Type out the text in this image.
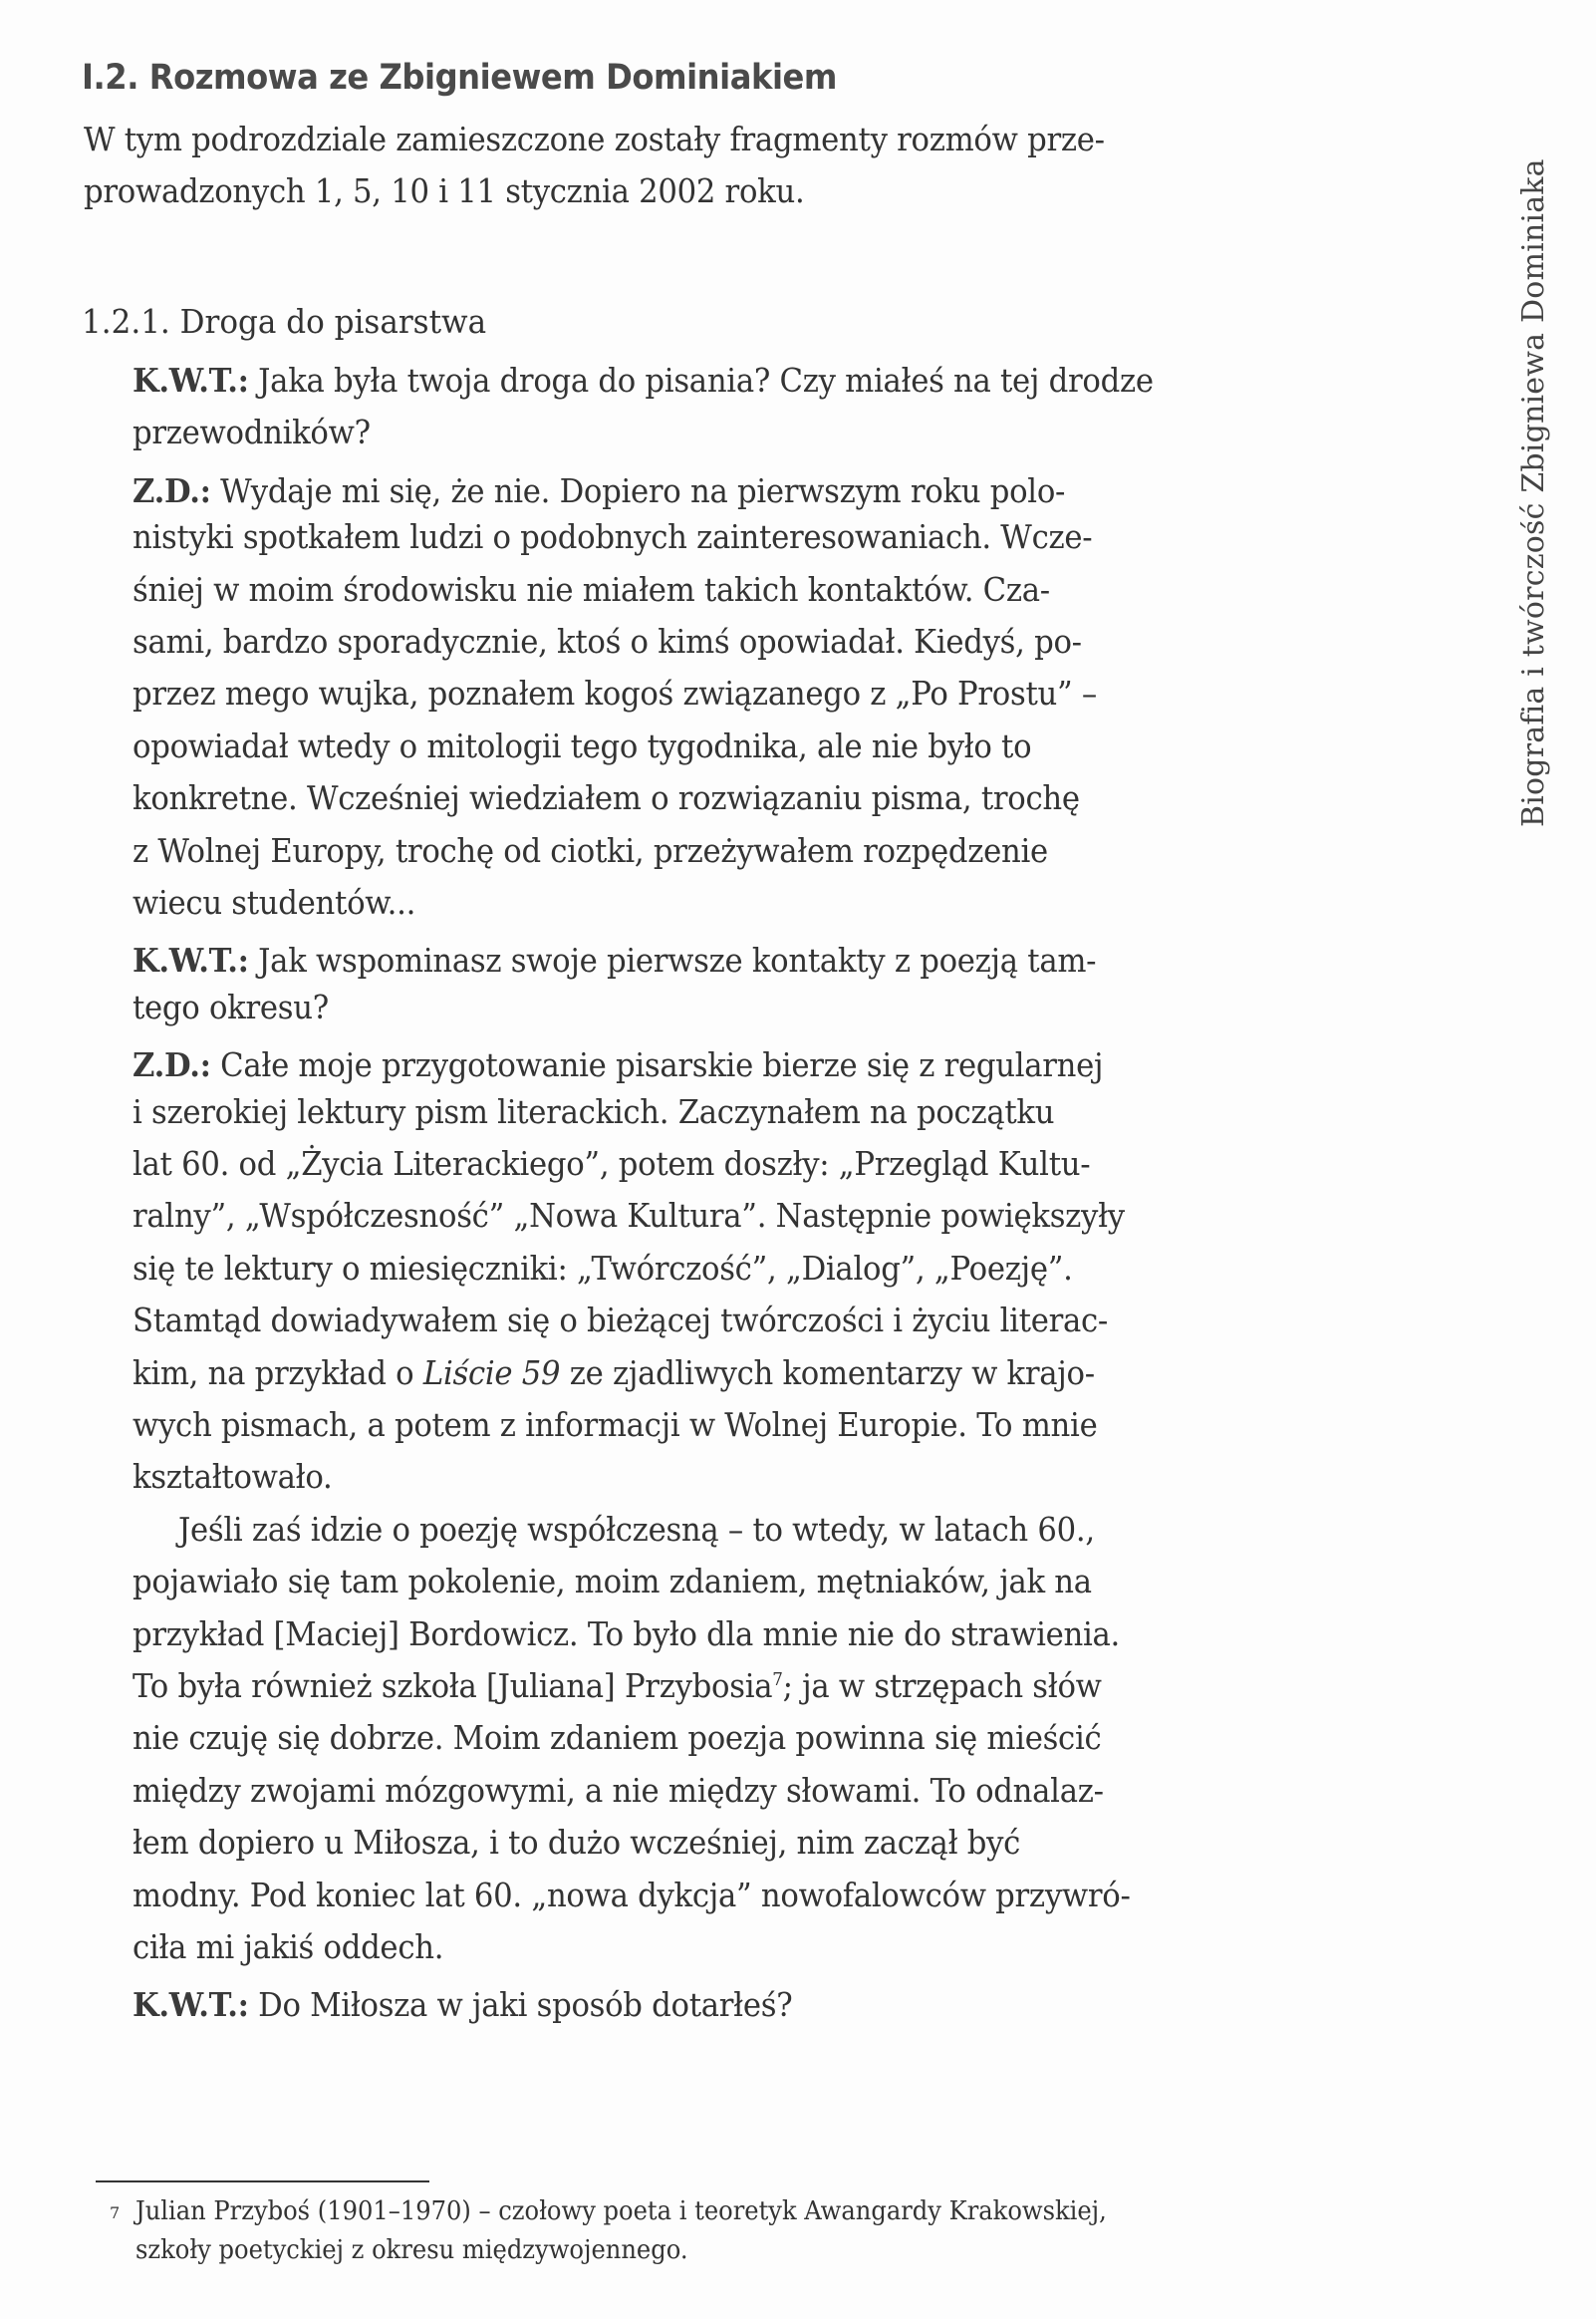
I.2. Rozmowa ze Zbigniewem Dominiakiem
W tym podrozdziale zamieszczone zostały fragmenty rozmów prze-
prowadzonych 1, 5, 10 i 11 stycznia 2002 roku.
1.2.1. Droga do pisarstwa
K.W.T.: Jaka była twoja droga do pisania? Czy miałeś na tej drodze
przewodników?
Z.D.: Wydaje mi się, że nie. Dopiero na pierwszym roku polo-
nistyki spotkałem ludzi o podobnych zainteresowaniach. Wcze-
śniej w moim środowisku nie miałem takich kontaktów. Cza-
sami, bardzo sporadycznie, ktoś o kimś opowiadał. Kiedyś, po-
przez mego wujka, poznałem kogoś związanego z „Po Prostu” –
opowiadał wtedy o mitologii tego tygodnika, ale nie było to
konkretne. Wcześniej wiedziałem o rozwiązaniu pisma, trochę
z Wolnej Europy, trochę od ciotki, przeżywałem rozpędzenie
wiecu studentów...
K.W.T.: Jak wspominasz swoje pierwsze kontakty z poezją tam-
tego okresu?
Z.D.: Całe moje przygotowanie pisarskie bierze się z regularnej
i szerokiej lektury pism literackich. Zaczynałem na początku
lat 60. od „Życia Literackiego”, potem doszły: „Przegląd Kultu-
ralny”, „Współczesność” „Nowa Kultura”. Następnie powiększyły
się te lektury o miesięczniki: „Twórczość”, „Dialog”, „Poezję”.
Stamtąd dowiadywałem się o bieżącej twórczości i życiu literac-
kim, na przykład o Liście 59 ze zjadliwych komentarzy w krajo-
wych pismach, a potem z informacji w Wolnej Europie. To mnie
kształtowało.
Jeśli zaś idzie o poezję współczesną – to wtedy, w latach 60.,
pojawiało się tam pokolenie, moim zdaniem, mętniaków, jak na
przykład [Maciej] Bordowicz. To było dla mnie nie do strawienia.
To była również szkoła [Juliana] Przybosia$^7$; ja w strzępach słów
nie czuję się dobrze. Moim zdaniem poezja powinna się mieścić
między zwojami mózgowymi, a nie między słowami. To odnalaz-
łem dopiero u Miłosza, i to dużo wcześniej, nim zaczął być
modny. Pod koniec lat 60. „nowa dykcja” nowofalowców przywró-
ciła mi jakiś oddech.
K.W.T.: Do Miłosza w jaki sposób dotarłeś?
7 Julian Przyboś (1901–1970) – czołowy poeta i teoretyk Awangardy Krakowskiej,
szkoły poetyckiej z okresu międzywojennego.
Biografia i twórczość Zbigniewa Dominiaka
